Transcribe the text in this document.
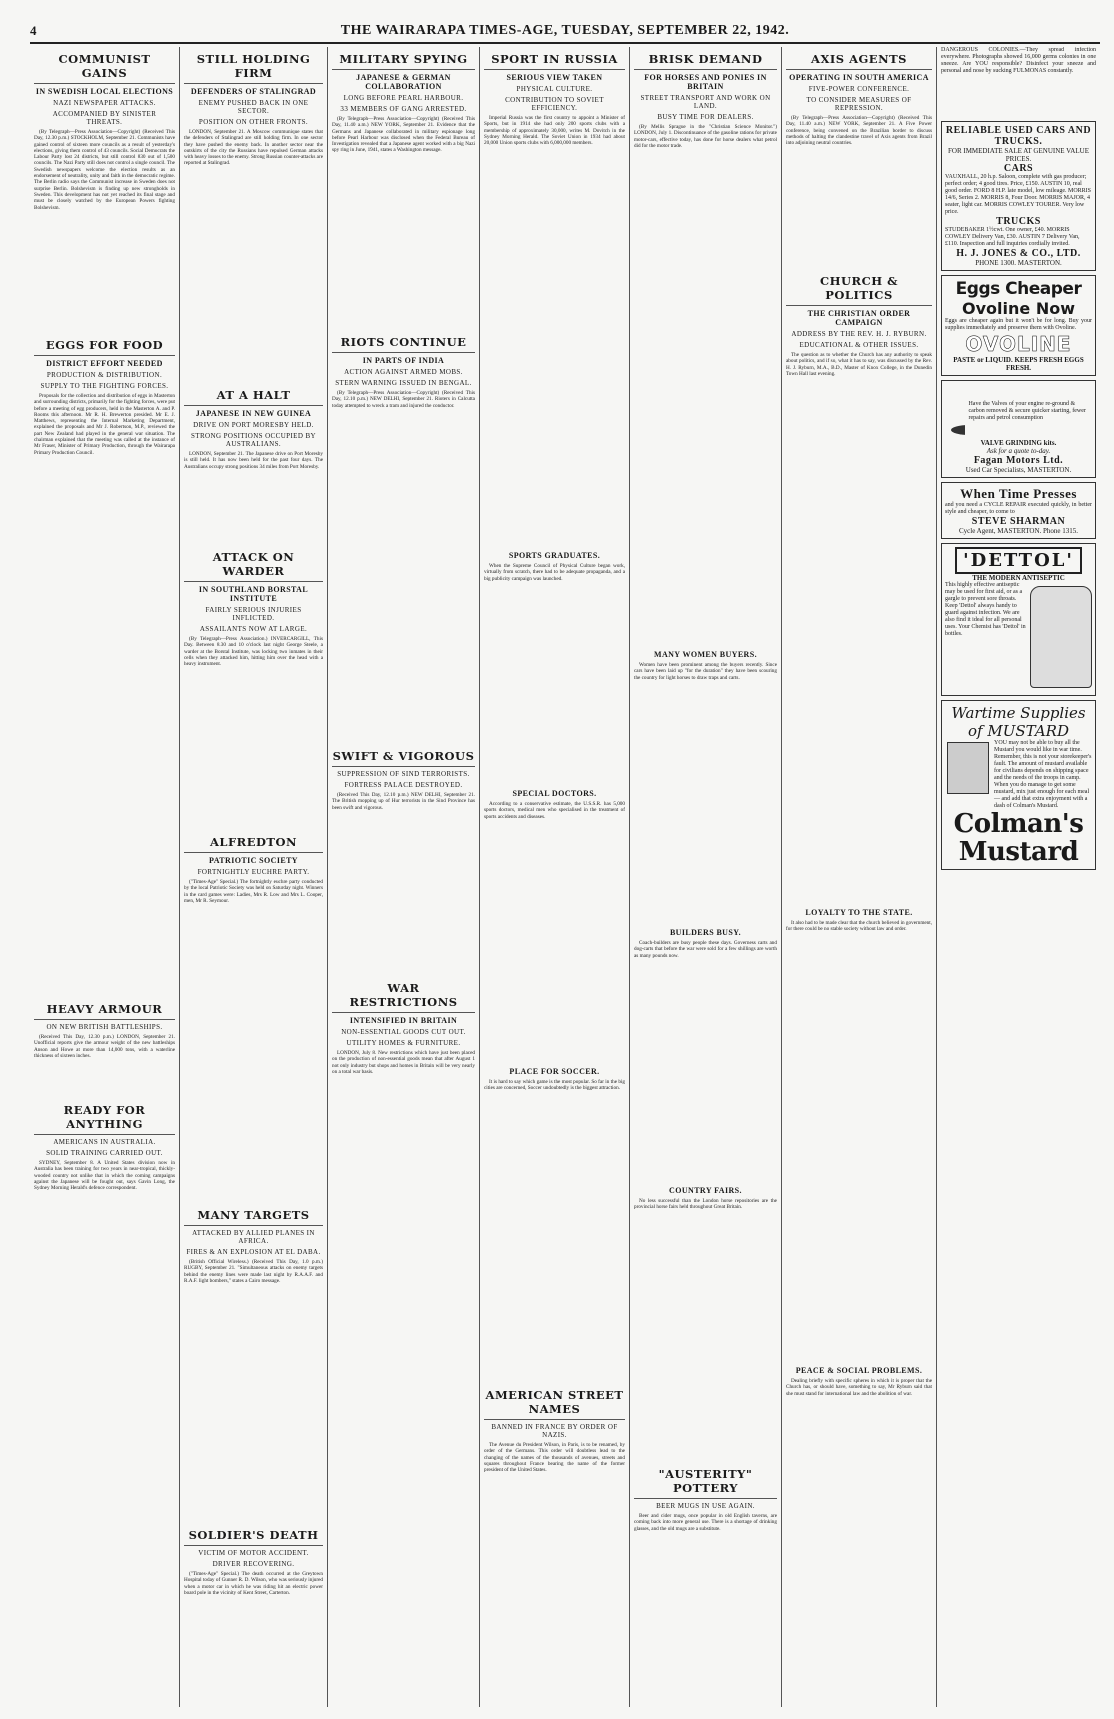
4	THE WAIRARAPA TIMES-AGE, TUESDAY, SEPTEMBER 22, 1942.
COMMUNIST GAINS
IN SWEDISH LOCAL ELECTIONS
NAZI NEWSPAPER ATTACKS.
ACCOMPANIED BY SINISTER THREATS.

(By Telegraph—Press Association—Copyright) (Received This Day, 12.30 p.m.) STOCKHOLM, September 21. Communists have gained control of sixteen more councils as a result of yesterday's elections, giving them control of 43 councils. Social Democrats the Labour Party lost 24 districts, but still control 830 out of 1,500 councils. The Nazi Party still does not control a single council. The Swedish newspapers welcome the election results as an endorsement of neutrality, unity and faith in the democratic regime. The Berlin radio says the Communist increase in Sweden does not surprise Berlin. Bolshevism is finding up new strongholds in Sweden. This development has not yet reached its final stage and must be closely watched by the European Powers fighting Bolshevism.

EGGS FOR FOOD
DISTRICT EFFORT NEEDED
PRODUCTION & DISTRIBUTION.
SUPPLY TO THE FIGHTING FORCES.

Proposals for the collection and distribution of eggs in Masterton and surrounding districts, primarily for the fighting forces, were put before a meeting of egg producers, held in the Masterton A. and P. Rooms this afternoon. Mr R. H. Brewerton presided. Mr E. J. Matthews, representing the Internal Marketing Department, explained the proposals and Mr J. Robertson, M.P., reviewed the part New Zealand had played in the general war situation. The chairman explained that the meeting was called at the instance of Mr Fraser, Minister of Primary Production, through the Wairarapa Primary Production Council.

HEAVY ARMOUR
ON NEW BRITISH BATTLESHIPS.

(Received This Day, 12.30 p.m.) LONDON, September 21. Unofficial reports give the armour weight of the new battleships Anson and Howe at more than 14,000 tons, with a waterline thickness of sixteen inches.

READY FOR ANYTHING
AMERICANS IN AUSTRALIA.
SOLID TRAINING CARRIED OUT.

SYDNEY, September 8. A United States division now in Australia has been training for two years in near-tropical, thickly-wooded country not unlike that in which the coming campaigns against the Japanese will be fought out, says Gavin Long, the Sydney Morning Herald's defence correspondent.

STILL HOLDING FIRM
DEFENDERS OF STALINGRAD
ENEMY PUSHED BACK IN ONE SECTOR.
POSITION ON OTHER FRONTS.

LONDON, September 21. A Moscow communique states that the defenders of Stalingrad are still holding firm. In one sector they have pushed the enemy back. In another sector near the outskirts of the city the Russians have repulsed German attacks with heavy losses to the enemy. Strong Russian counter-attacks are reported at Stalingrad.

AT A HALT
JAPANESE IN NEW GUINEA
DRIVE ON PORT MORESBY HELD.
STRONG POSITIONS OCCUPIED BY AUSTRALIANS.

LONDON, September 21. The Japanese drive on Port Moresby is still held. It has now been held for the past four days. The Australians occupy strong positions 34 miles from Port Moresby.

ATTACK ON WARDER
IN SOUTHLAND BORSTAL INSTITUTE
FAIRLY SERIOUS INJURIES INFLICTED.
ASSAILANTS NOW AT LARGE.

(By Telegraph—Press Association.) INVERCARGILL, This Day. Between 8.30 and 10 o'clock last night George Steele, a warder at the Borstal Institute, was locking two inmates in their cells when they attacked him, hitting him over the head with a heavy instrument.

ALFREDTON
PATRIOTIC SOCIETY
FORTNIGHTLY EUCHRE PARTY.

("Times-Age" Special.) The fortnightly euchre party conducted by the local Patriotic Society was held on Saturday night. Winners in the card games were: Ladies, Mrs R. Low and Mrs L. Cooper, men, Mr R. Seymour.

MANY TARGETS
ATTACKED BY ALLIED PLANES IN AFRICA.
FIRES & AN EXPLOSION AT EL DABA.

(British Official Wireless.) (Received This Day, 1.0 p.m.) RUGBY, September 21. "Simultaneous attacks on enemy targets behind the enemy lines were made last night by R.A.A.F. and R.A.F. light bombers," states a Cairo message.

SOLDIER'S DEATH
VICTIM OF MOTOR ACCIDENT.
DRIVER RECOVERING.

("Times-Age" Special.) The death occurred at the Greytown Hospital today of Gunner R. D. Wilson, who was seriously injured when a motor car in which he was riding hit an electric power board pole in the vicinity of Kent Street, Carterton.

MILITARY SPYING
JAPANESE & GERMAN COLLABORATION
LONG BEFORE PEARL HARBOUR.
33 MEMBERS OF GANG ARRESTED.

(By Telegraph—Press Association—Copyright) (Received This Day, 11.40 a.m.) NEW YORK, September 21. Evidence that the Germans and Japanese collaborated in military espionage long before Pearl Harbour was disclosed when the Federal Bureau of Investigation revealed that a Japanese agent worked with a big Nazi spy ring in June, 1941, states a Washington message.

RIOTS CONTINUE
IN PARTS OF INDIA
ACTION AGAINST ARMED MOBS.
STERN WARNING ISSUED IN BENGAL.

(By Telegraph—Press Association—Copyright) (Received This Day, 12.10 p.m.) NEW DELHI, September 21. Rioters in Calcutta today attempted to wreck a tram and injured the conductor.

SWIFT & VIGOROUS
SUPPRESSION OF SIND TERRORISTS.
FORTRESS PALACE DESTROYED.

(Received This Day, 12.10 p.m.) NEW DELHI, September 21. The British mopping up of Hur terrorists in the Sind Province has been swift and vigorous.

WAR RESTRICTIONS
INTENSIFIED IN BRITAIN
NON-ESSENTIAL GOODS CUT OUT.
UTILITY HOMES & FURNITURE.

LONDON, July 8. New restrictions which have just been placed on the production of non-essential goods mean that after August 1 not only industry but shops and homes in Britain will be very nearly on a total war basis.

SPORT IN RUSSIA
SERIOUS VIEW TAKEN
PHYSICAL CULTURE.
CONTRIBUTION TO SOVIET EFFICIENCY.

Imperial Russia was the first country to appoint a Minister of Sports, but in 1914 she had only 200 sports clubs with a membership of approximately 30,000, writes M. Dovitch in the Sydney Morning Herald. The Soviet Union in 1934 had about 20,000 Union sports clubs with 6,000,000 members.

SPORTS GRADUATES.

When the Supreme Council of Physical Culture began work, virtually from scratch, there had to be adequate propaganda, and a big publicity campaign was launched.

SPECIAL DOCTORS.

According to a conservative estimate, the U.S.S.R. has 5,000 sports doctors, medical men who specialised in the treatment of sports accidents and diseases.

PLACE FOR SOCCER.

It is hard to say which game is the most popular. So far in the big cities are concerned, Soccer undoubtedly is the biggest attraction.

AMERICAN STREET NAMES
BANNED IN FRANCE BY ORDER OF NAZIS.

The Avenue du President Wilson, in Paris, is to be renamed, by order of the Germans. This order will doubtless lead to the changing of the names of the thousands of avenues, streets and squares throughout France bearing the name of the former president of the United States.

BRISK DEMAND
FOR HORSES AND PONIES IN BRITAIN
STREET TRANSPORT AND WORK ON LAND.
BUSY TIME FOR DEALERS.

(By Mellis Sprague in the "Christian Science Monitor.") LONDON, July 1. Discontinuance of the gasoline rations for private motor-cars, effective today, has done for horse dealers what petrol did for the motor trade.

MANY WOMEN BUYERS.

Women have been prominent among the buyers recently. Since cars have been laid up "for the duration" they have been scouring the country for light horses to draw traps and carts.

BUILDERS BUSY.

Coach-builders are busy people these days. Governess carts and dog-carts that before the war were sold for a few shillings are worth as many pounds now.

COUNTRY FAIRS.

No less successful than the London horse repositories are the provincial horse fairs held throughout Great Britain.

"AUSTERITY" POTTERY
BEER MUGS IN USE AGAIN.

Beer and cider mugs, once popular in old English taverns, are coming back into more general use. There is a shortage of drinking glasses, and the old mugs are a substitute.

AXIS AGENTS
OPERATING IN SOUTH AMERICA
FIVE-POWER CONFERENCE.
TO CONSIDER MEASURES OF REPRESSION.

(By Telegraph—Press Association—Copyright) (Received This Day, 11.40 a.m.) NEW YORK, September 21. A Five Power conference, being convened on the Brazilian border to discuss methods of halting the clandestine travel of Axis agents from Brazil into adjoining neutral countries.

CHURCH & POLITICS
THE CHRISTIAN ORDER CAMPAIGN
ADDRESS BY THE REV. H. J. RYBURN.
EDUCATIONAL & OTHER ISSUES.

The question as to whether the Church has any authority to speak about politics, and if so, what it has to say, was discussed by the Rev. H. J. Ryburn, M.A., B.D., Master of Knox College, in the Dunedin Town Hall last evening.

LOYALTY TO THE STATE.

It also had to be made clear that the church believed in government, for there could be no stable society without law and order.

PEACE & SOCIAL PROBLEMS.

Dealing briefly with specific spheres in which it is proper that the Church has, or should have, something to say, Mr Ryburn said that she must stand for international law and the abolition of war.

DANGEROUS COLONIES.—They spread infection everywhere. Photographs showed 16,000 germs colonies in one sneeze. Are YOU responsible? Disinfect your sneeze and personal and nose by sucking FULMONAS constantly.
RELIABLE USED CARS AND TRUCKS.
FOR IMMEDIATE SALE AT GENUINE VALUE PRICES.
CARS
VAUXHALL, 20 h.p. Saloon, complete with gas producer; perfect order; 4 good tires. Price, £150. AUSTIN 10, real good order. FORD 8 H.P. late model, low mileage. MORRIS 14/6, Series 2. MORRIS 8, Four Door. MORRIS MAJOR, 4 seater, light car. MORRIS COWLEY TOURER. Very low price.
TRUCKS
STUDEBAKER 1½cwt. One owner, £40. MORRIS COWLEY Delivery Van, £30. AUSTIN 7 Delivery Van, £110. Inspection and full inquiries cordially invited.
H. J. JONES & CO., LTD.
PHONE 1300. MASTERTON.
Eggs Cheaper
Ovoline Now
Eggs are cheaper again but it won't be for long. Buy your supplies immediately and preserve them with Ovoline.
OVOLINE
PASTE or LIQUID. KEEPS FRESH EGGS FRESH.
Have the Valves of your engine re-ground & carbon removed & secure quicker starting, fewer repairs and petrol consumption
VALVE GRINDING kits.
Ask for a quote to-day.
Fagan Motors Ltd.
Used Car Specialists, MASTERTON.
When Time Presses
and you need a CYCLE REPAIR executed quickly, in better style and cheaper, to come to
STEVE SHARMAN
Cycle Agent, MASTERTON. Phone 1315.
'DETTOL'
THE MODERN ANTISEPTIC
This highly effective antiseptic may be used for first aid, or as a gargle to prevent sore throats. Keep 'Dettol' always handy to guard against infection. We are also find it ideal for all personal uses. Your Chemist has 'Dettol' in bottles.
Wartime Supplies of MUSTARD
YOU may not be able to buy all the Mustard you would like in war time. Remember, this is not your storekeeper's fault. The amount of mustard available for civilians depends on shipping space and the needs of the troops in camp. When you do manage to get some mustard, mix just enough for each meal — and add that extra enjoyment with a dash of Colman's Mustard.
Colman's Mustard
